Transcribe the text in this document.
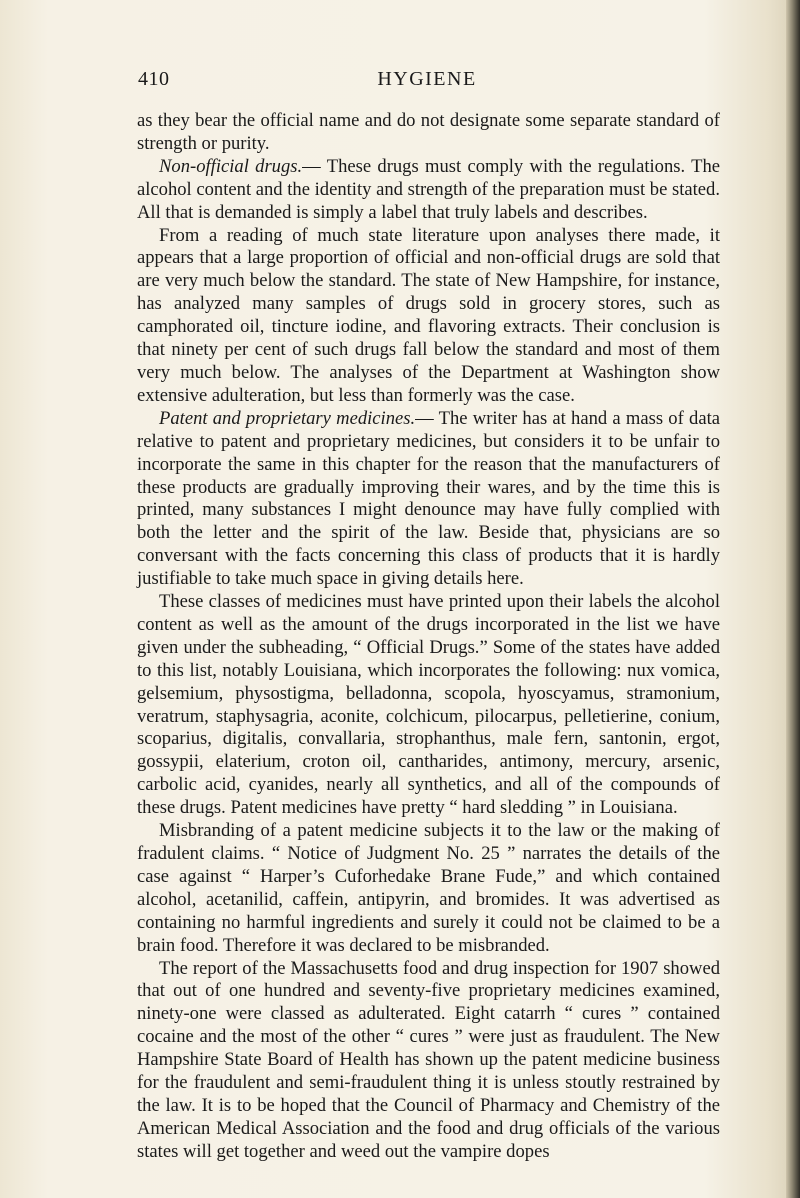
410	HYGIENE

as they bear the official name and do not designate some separate standard of strength or purity.

Non-official drugs.— These drugs must comply with the regulations. The alcohol content and the identity and strength of the preparation must be stated. All that is demanded is simply a label that truly labels and describes.

From a reading of much state literature upon analyses there made, it appears that a large proportion of official and non-official drugs are sold that are very much below the standard. The state of New Hampshire, for instance, has analyzed many samples of drugs sold in grocery stores, such as camphorated oil, tincture iodine, and flavoring extracts. Their conclusion is that ninety per cent of such drugs fall below the standard and most of them very much below. The analyses of the Department at Washington show extensive adulteration, but less than formerly was the case.

Patent and proprietary medicines.— The writer has at hand a mass of data relative to patent and proprietary medicines, but considers it to be unfair to incorporate the same in this chapter for the reason that the manufacturers of these products are gradually improving their wares, and by the time this is printed, many substances I might denounce may have fully complied with both the letter and the spirit of the law. Beside that, physicians are so conversant with the facts concerning this class of products that it is hardly justifiable to take much space in giving details here.

These classes of medicines must have printed upon their labels the alcohol content as well as the amount of the drugs incorporated in the list we have given under the subheading, “ Official Drugs.” Some of the states have added to this list, notably Louisiana, which incorporates the following: nux vomica, gelsemium, physostigma, belladonna, scopola, hyoscyamus, stramonium, veratrum, staphysagria, aconite, colchicum, pilocarpus, pelletierine, conium, scoparius, digitalis, convallaria, strophanthus, male fern, santonin, ergot, gossypii, elaterium, croton oil, cantharides, antimony, mercury, arsenic, carbolic acid, cyanides, nearly all synthetics, and all of the compounds of these drugs. Patent medicines have pretty “ hard sledding ” in Louisiana.

Misbranding of a patent medicine subjects it to the law or the making of fradulent claims. “ Notice of Judgment No. 25 ” narrates the details of the case against “ Harper’s Cuforhedake Brane Fude,” and which contained alcohol, acetanilid, caffein, antipyrin, and bromides. It was advertised as containing no harmful ingredients and surely it could not be claimed to be a brain food. Therefore it was declared to be misbranded.

The report of the Massachusetts food and drug inspection for 1907 showed that out of one hundred and seventy-five proprietary medicines examined, ninety-one were classed as adulterated. Eight catarrh “ cures ” contained cocaine and the most of the other “ cures ” were just as fraudulent. The New Hampshire State Board of Health has shown up the patent medicine business for the fraudulent and semi-fraudulent thing it is unless stoutly restrained by the law. It is to be hoped that the Council of Pharmacy and Chemistry of the American Medical Association and the food and drug officials of the various states will get together and weed out the vampire dopes
